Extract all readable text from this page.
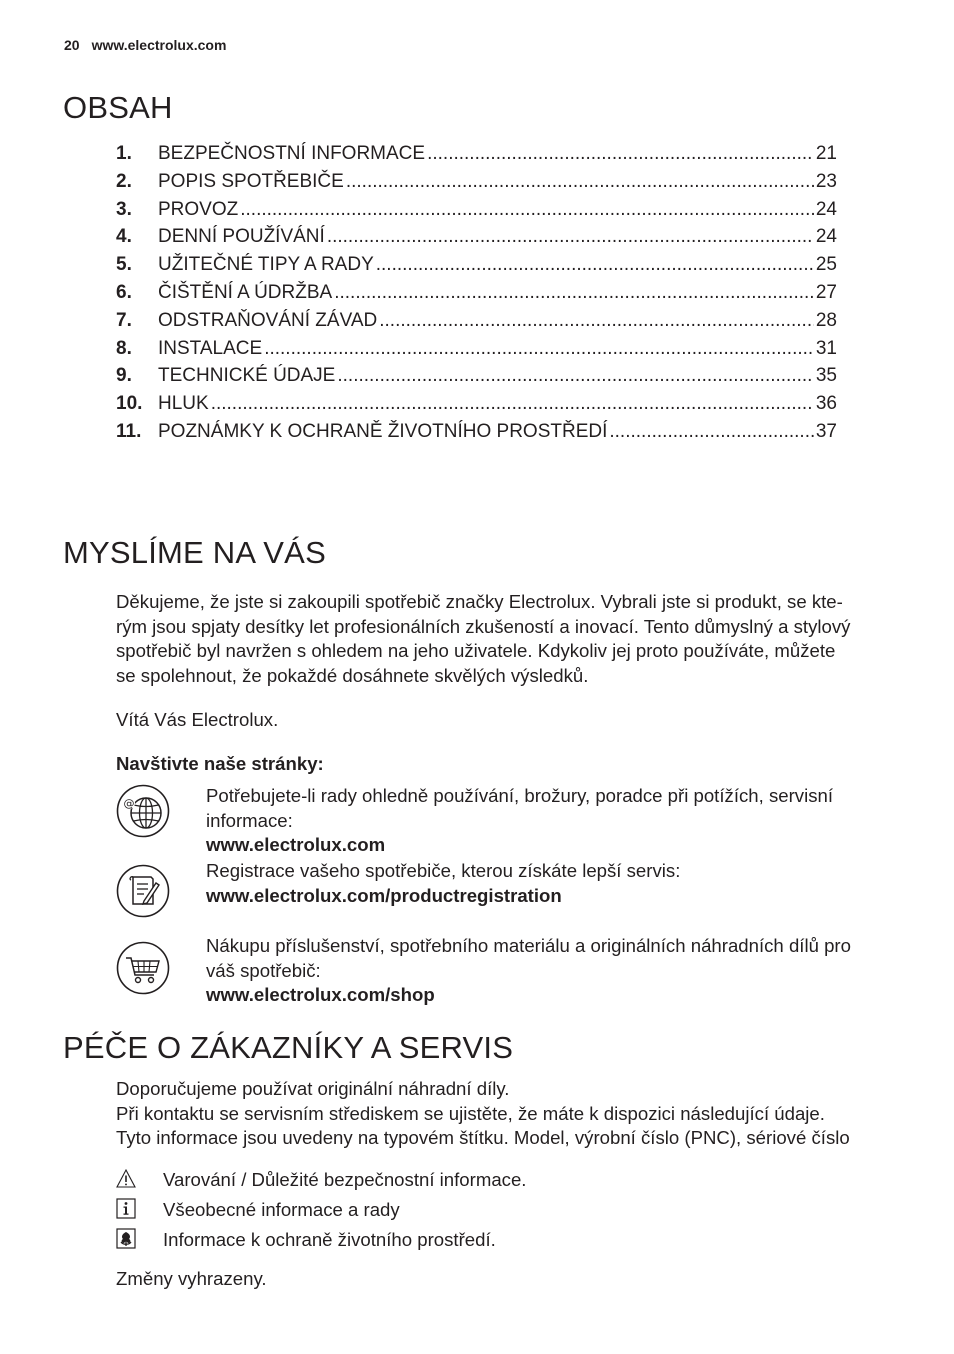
20 www.electrolux.com
OBSAH
1.	BEZPEČNOSTNÍ INFORMACE .....	21
2.	POPIS SPOTŘEBIČE .....	23
3.	PROVOZ .....	24
4.	DENNÍ POUŽÍVÁNÍ .....	24
5.	UŽITEČNÉ TIPY A RADY .....	25
6.	ČIŠTĚNÍ A ÚDRŽBA .....	27
7.	ODSTRAŇOVÁNÍ ZÁVAD .....	28
8.	INSTALACE .....	31
9.	TECHNICKÉ ÚDAJE .....	35
10. HLUK .....	36
11. POZNÁMKY K OCHRANĚ ŽIVOTNÍHO PROSTŘEDÍ .....	37
MYSLÍME NA VÁS
Děkujeme, že jste si zakoupili spotřebič značky Electrolux. Vybrali jste si produkt, se kte-
rým jsou spjaty desítky let profesionálních zkušeností a inovací. Tento důmyslný a stylový
spotřebič byl navržen s ohledem na jeho uživatele. Kdykoliv jej proto používáte, můžete
se spolehnout, že pokaždé dosáhnete skvělých výsledků.
Vítá Vás Electrolux.
Navštivte naše stránky:
@	Potřebujete-li rady ohledně používání, brožury, poradce při potížích, servisní
informace:
www.electrolux.com
Registrace vašeho spotřebiče, kterou získáte lepší servis:
www.electrolux.com/productregistration
Nákupu příslušenství, spotřebního materiálu a originálních náhradních dílů pro
váš spotřebič:
www.electrolux.com/shop
PÉČE O ZÁKAZNÍKY A SERVIS
Doporučujeme používat originální náhradní díly.
Při kontaktu se servisním střediskem se ujistěte, že máte k dispozici následující údaje.
Tyto informace jsou uvedeny na typovém štítku. Model, výrobní číslo (PNC), sériové číslo
Varování / Důležité bezpečnostní informace.
Všeobecné informace a rady
Informace k ochraně životního prostředí.
Změny vyhrazeny.
